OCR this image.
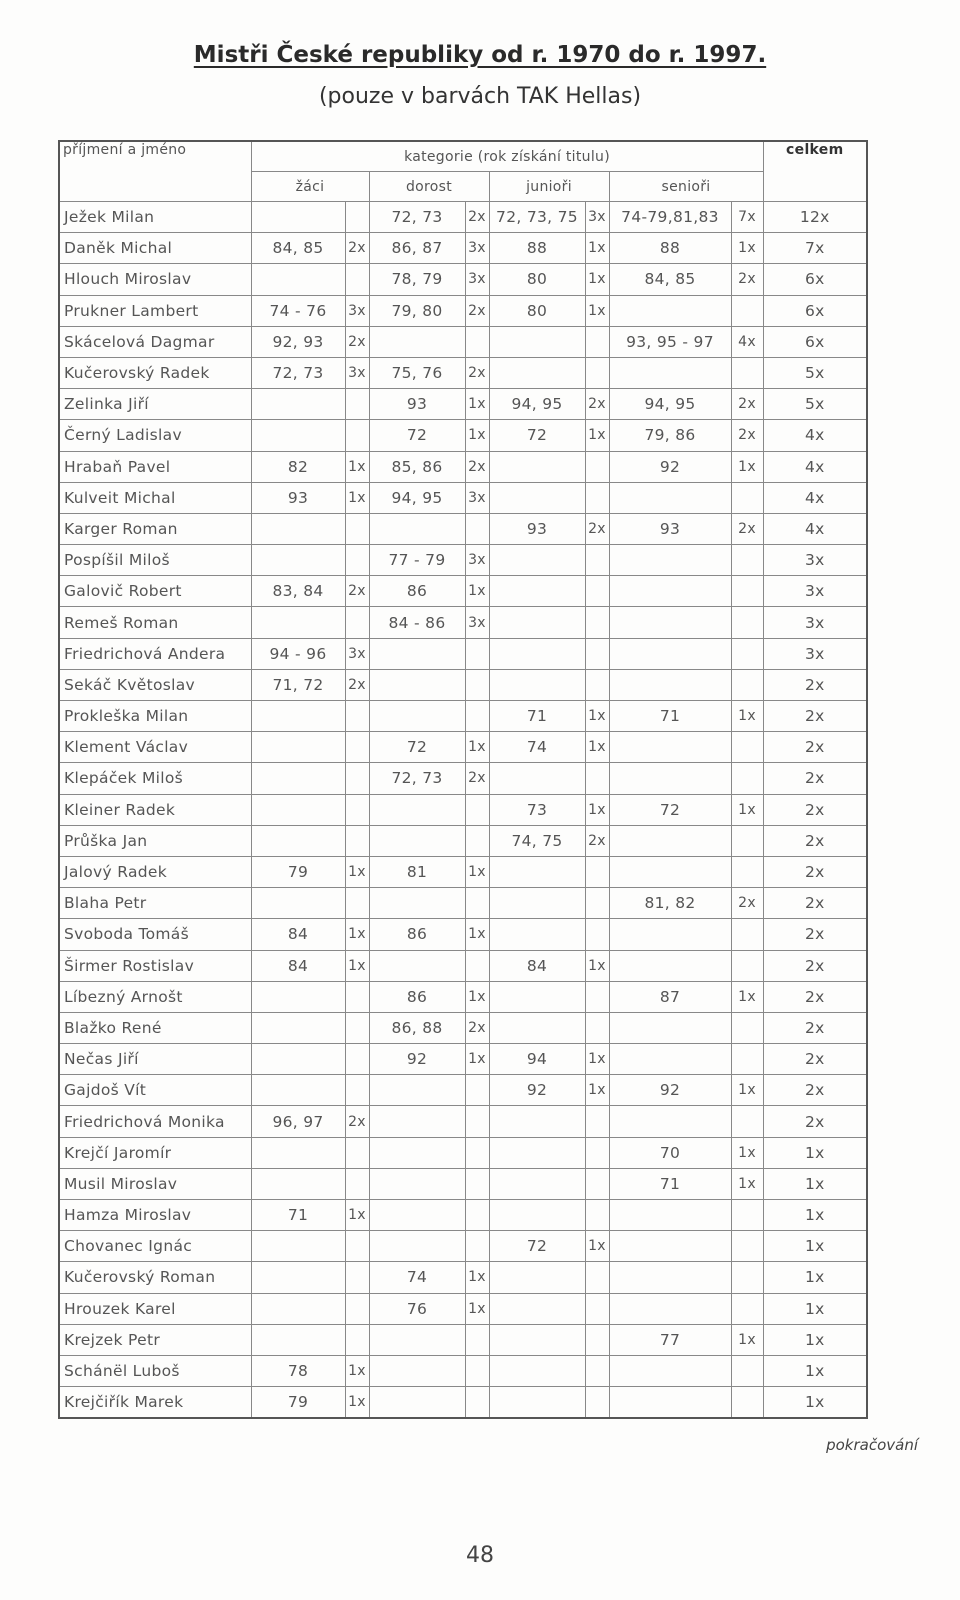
Mistři České republiky od r. 1970 do r. 1997.
(pouze v barvách TAK Hellas)
příjmení a jméno	kategorie (rok získání titulu)								celkem
	žáci		dorost		junioři		senioři		
Ježek Milan			72, 73	2x	72, 73, 75	3x	74-79,81,83	7x	12x
Daněk Michal	84, 85	2x	86, 87	3x	88	1x	88	1x	7x
Hlouch Miroslav			78, 79	3x	80	1x	84, 85	2x	6x
Prukner Lambert	74 - 76	3x	79, 80	2x	80	1x			6x
Skácelová Dagmar	92, 93	2x					93, 95 - 97	4x	6x
Kučerovský Radek	72, 73	3x	75, 76	2x					5x
Zelinka Jiří			93	1x	94, 95	2x	94, 95	2x	5x
Černý Ladislav			72	1x	72	1x	79, 86	2x	4x
Hrabaň Pavel	82	1x	85, 86	2x			92	1x	4x
Kulveit Michal	93	1x	94, 95	3x					4x
Karger Roman					93	2x	93	2x	4x
Pospíšil Miloš			77 - 79	3x					3x
Galovič Robert	83, 84	2x	86	1x					3x
Remeš Roman			84 - 86	3x					3x
Friedrichová Andera	94 - 96	3x							3x
Sekáč Květoslav	71, 72	2x							2x
Prokleška Milan					71	1x	71	1x	2x
Klement Václav			72	1x	74	1x			2x
Klepáček Miloš			72, 73	2x					2x
Kleiner Radek					73	1x	72	1x	2x
Průška Jan					74, 75	2x			2x
Jalový Radek	79	1x	81	1x					2x
Blaha Petr							81, 82	2x	2x
Svoboda Tomáš	84	1x	86	1x					2x
Širmer Rostislav	84	1x			84	1x			2x
Líbezný Arnošt			86	1x			87	1x	2x
Blažko René			86, 88	2x					2x
Nečas Jiří			92	1x	94	1x			2x
Gajdoš Vít					92	1x	92	1x	2x
Friedrichová Monika	96, 97	2x							2x
Krejčí Jaromír							70	1x	1x
Musil Miroslav							71	1x	1x
Hamza Miroslav	71	1x							1x
Chovanec Ignác					72	1x			1x
Kučerovský Roman			74	1x					1x
Hrouzek Karel			76	1x					1x
Krejzek Petr							77	1x	1x
Schánël Luboš	78	1x							1x
Krejčiřík Marek	79	1x							1x
pokračování
48
